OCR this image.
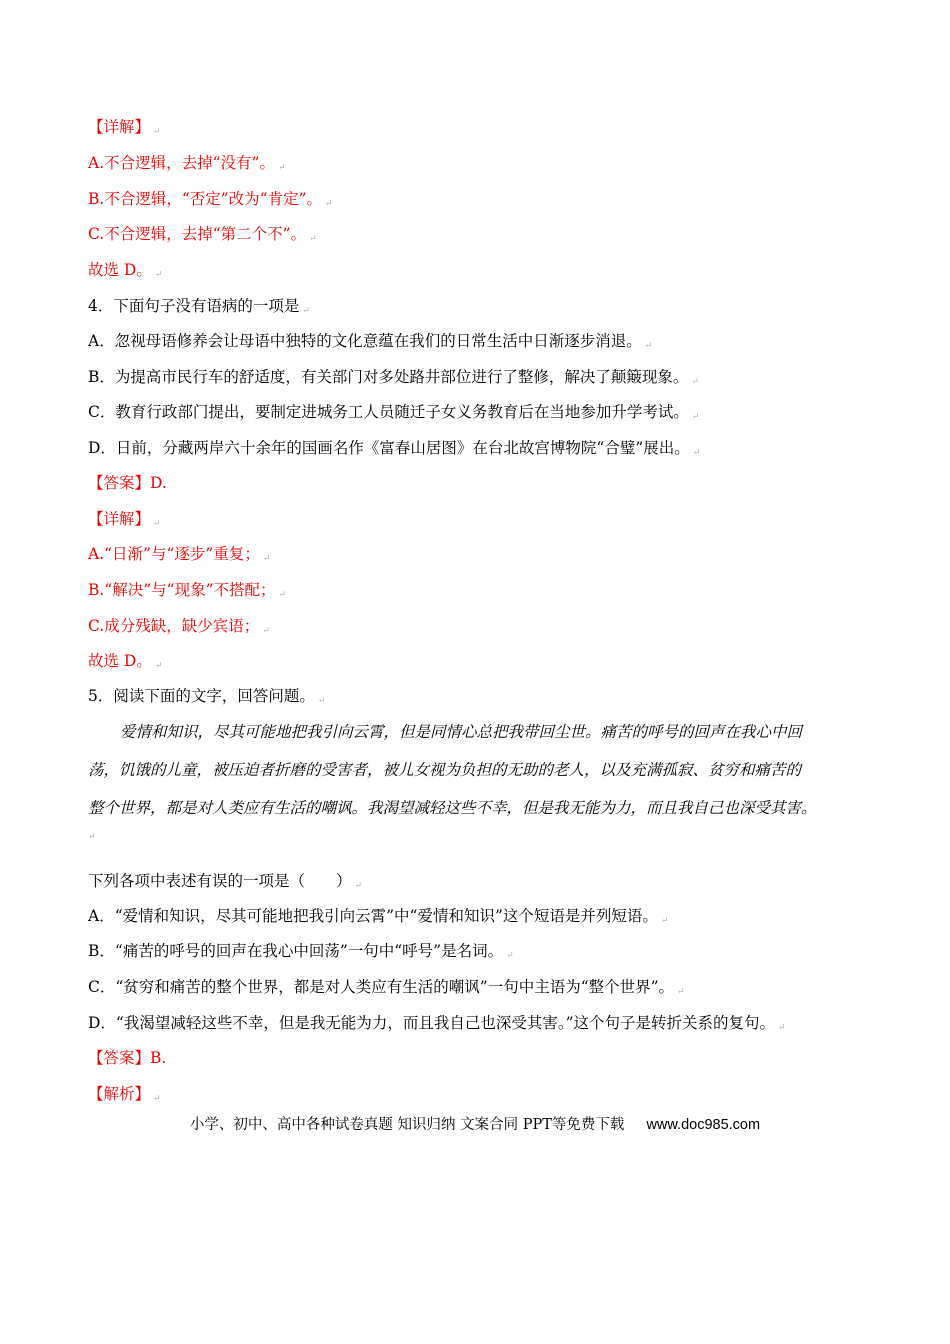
【详解】 ↵
A.不合逻辑，去掉“没有”。 ↵
B.不合逻辑，“否定”改为“肯定”。 ↵
C.不合逻辑，去掉“第二个不”。 ↵
故选 D。 ↵
4．下面句子没有语病的一项是 ↵
A．忽视母语修养会让母语中独特的文化意蕴在我们的日常生活中日渐逐步消退。 ↵
B．为提高市民行车的舒适度，有关部门对多处路井部位进行了整修，解决了颠簸现象。 ↵
C．教育行政部门提出，要制定进城务工人员随迁子女义务教育后在当地参加升学考试。 ↵
D．日前，分藏两岸六十余年的国画名作《富春山居图》在台北故宫博物院“合璧”展出。 ↵
【答案】D.
【详解】 ↵
A.“日渐”与“逐步”重复； ↵
B.“解决”与“现象”不搭配； ↵
C.成分残缺，缺少宾语； ↵
故选 D。 ↵
5．阅读下面的文字，回答问题。 ↵
爱情和知识，尽其可能地把我引向云霄，但是同情心总把我带回尘世。痛苦的呼号的回声在我心中回
荡，饥饿的儿童，被压迫者折磨的受害者，被儿女视为负担的无助的老人，以及充满孤寂、贫穷和痛苦的
整个世界，都是对人类应有生活的嘲讽。我渴望减轻这些不幸，但是我无能为力，而且我自己也深受其害。
↵
下列各项中表述有误的一项是（　　） ↵
A．“爱情和知识，尽其可能地把我引向云霄”中“爱情和知识”这个短语是并列短语。 ↵
B．“痛苦的呼号的回声在我心中回荡”一句中“呼号”是名词。 ↵
C．“贫穷和痛苦的整个世界，都是对人类应有生活的嘲讽”一句中主语为“整个世界”。 ↵
D．“我渴望减轻这些不幸，但是我无能为力，而且我自己也深受其害。”这个句子是转折关系的复句。 ↵
【答案】B.
【解析】 ↵
小学、初中、高中各种试卷真题 知识归纳 文案合同 PPT等免费下载 www.doc985.com
